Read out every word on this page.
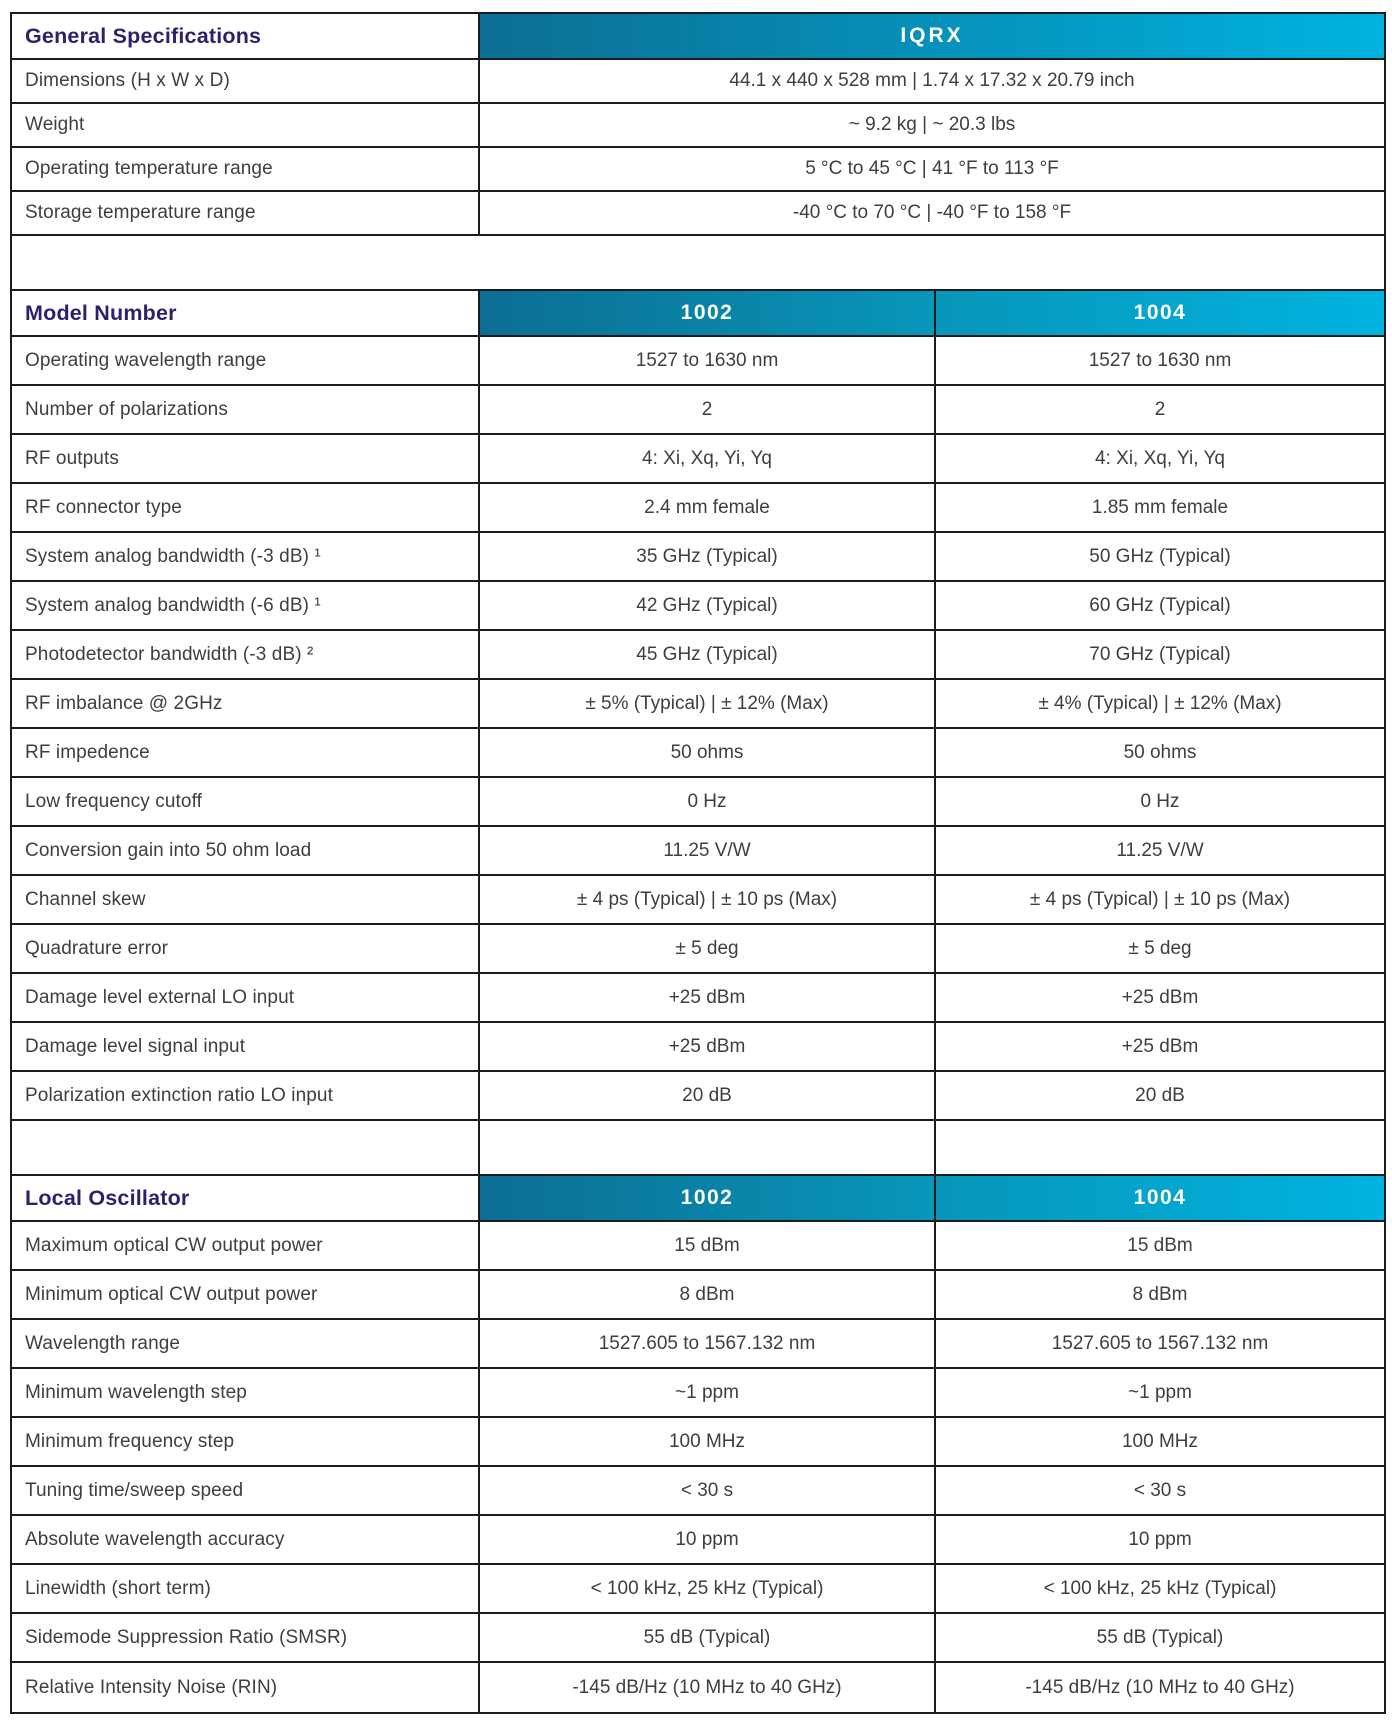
General Specifications	IQRX
Dimensions (H x W x D)	44.1 x 440 x 528 mm | 1.74 x 17.32 x 20.79 inch
Weight	~ 9.2 kg | ~ 20.3 lbs
Operating temperature range	5 °C to 45 °C | 41 °F to 113 °F
Storage temperature range	-40 °C to 70 °C | -40 °F to 158 °F
Model Number	1002	1004
Operating wavelength range	1527 to 1630 nm	1527 to 1630 nm
Number of polarizations	2	2
RF outputs	4: Xi, Xq, Yi, Yq	4: Xi, Xq, Yi, Yq
RF connector type	2.4 mm female	1.85 mm female
System analog bandwidth (-3 dB) ¹	35 GHz (Typical)	50 GHz (Typical)
System analog bandwidth (-6 dB) ¹	42 GHz (Typical)	60 GHz (Typical)
Photodetector bandwidth (-3 dB) ²	45 GHz (Typical)	70 GHz (Typical)
RF imbalance @ 2GHz	± 5% (Typical) | ± 12% (Max)	± 4% (Typical) | ± 12% (Max)
RF impedence	50 ohms	50 ohms
Low frequency cutoff	0 Hz	0 Hz
Conversion gain into 50 ohm load	11.25 V/W	11.25 V/W
Channel skew	± 4 ps (Typical) | ± 10 ps (Max)	± 4 ps (Typical) | ± 10 ps (Max)
Quadrature error	± 5 deg	± 5 deg
Damage level external LO input	+25 dBm	+25 dBm
Damage level signal input	+25 dBm	+25 dBm
Polarization extinction ratio LO input	20 dB	20 dB
Local Oscillator	1002	1004
Maximum optical CW output power	15 dBm	15 dBm
Minimum optical CW output power	8 dBm	8 dBm
Wavelength range	1527.605 to 1567.132 nm	1527.605 to 1567.132 nm
Minimum wavelength step	~1 ppm	~1 ppm
Minimum frequency step	100 MHz	100 MHz
Tuning time/sweep speed	< 30 s	< 30 s
Absolute wavelength accuracy	10 ppm	10 ppm
Linewidth (short term)	< 100 kHz, 25 kHz (Typical)	< 100 kHz, 25 kHz (Typical)
Sidemode Suppression Ratio (SMSR)	55 dB (Typical)	55 dB (Typical)
Relative Intensity Noise (RIN)	-145 dB/Hz (10 MHz to 40 GHz)	-145 dB/Hz (10 MHz to 40 GHz)
